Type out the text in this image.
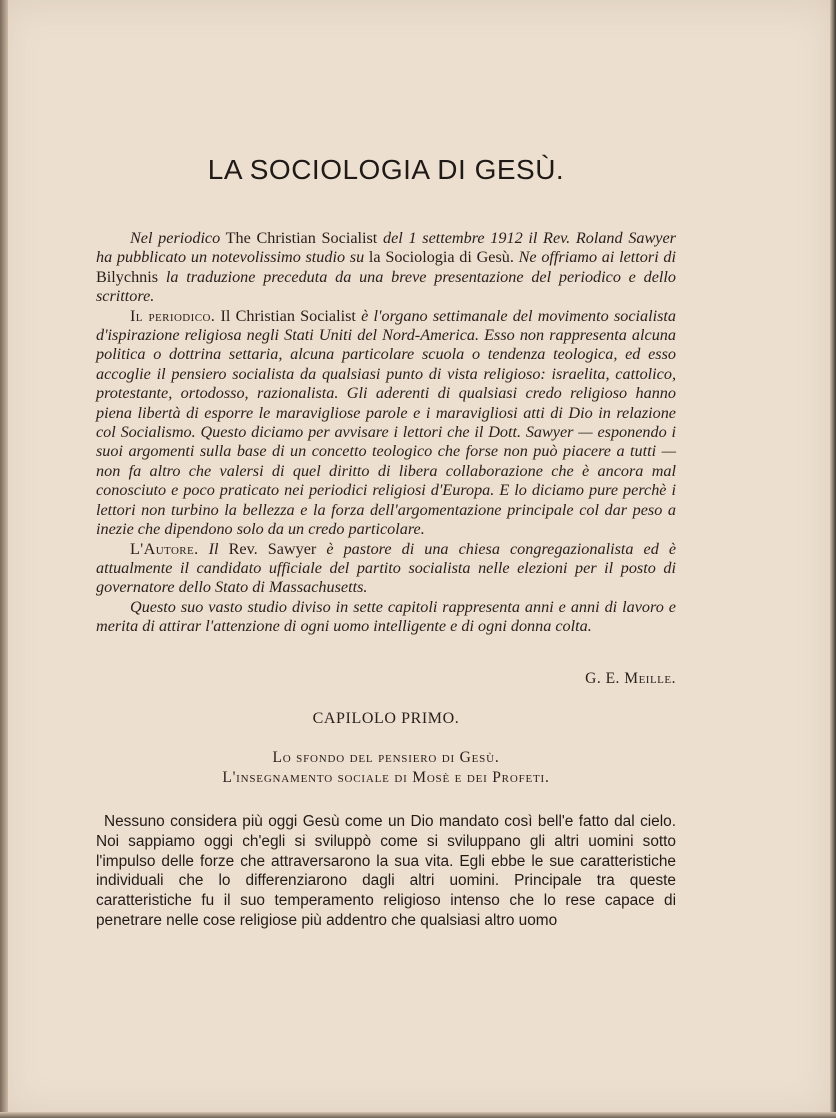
LA SOCIOLOGIA DI GESÙ.

Nel periodico The Christian Socialist del 1 settembre 1912 il Rev. Roland Sawyer ha pubblicato un notevolissimo studio su la Sociologia di Gesù. Ne offriamo ai lettori di Bilychnis la traduzione preceduta da una breve presentazione del periodico e dello scrittore.

Il periodico. Il Christian Socialist è l'organo settimanale del movimento socialista d'ispirazione religiosa negli Stati Uniti del Nord-America. Esso non rappresenta alcuna politica o dottrina settaria, alcuna particolare scuola o tendenza teologica, ed esso accoglie il pensiero socialista da qualsiasi punto di vista religioso: israelita, cattolico, protestante, ortodosso, razionalista. Gli aderenti di qualsiasi credo religioso hanno piena libertà di esporre le maravigliose parole e i maravigliosi atti di Dio in relazione col Socialismo. Questo diciamo per avvisare i lettori che il Dott. Sawyer — esponendo i suoi argomenti sulla base di un concetto teologico che forse non può piacere a tutti — non fa altro che valersi di quel diritto di libera collaborazione che è ancora mal conosciuto e poco praticato nei periodici religiosi d'Europa. E lo diciamo pure perchè i lettori non turbino la bellezza e la forza dell'argomentazione principale col dar peso a inezie che dipendono solo da un credo particolare.

L'Autore. Il Rev. Sawyer è pastore di una chiesa congregazionalista ed è attualmente il candidato ufficiale del partito socialista nelle elezioni per il posto di governatore dello Stato di Massachusetts.

Questo suo vasto studio diviso in sette capitoli rappresenta anni e anni di lavoro e merita di attirar l'attenzione di ogni uomo intelligente e di ogni donna colta.

G. E. Meille.
CAPILOLO PRIMO.
Lo sfondo del pensiero di Gesù.
L'insegnamento sociale di Mosè e dei Profeti.

Nessuno considera più oggi Gesù come un Dio mandato così bell'e fatto dal cielo. Noi sappiamo oggi ch'egli si sviluppò come si sviluppano gli altri uomini sotto l'impulso delle forze che attraversarono la sua vita. Egli ebbe le sue caratteristiche individuali che lo differenziarono dagli altri uomini. Principale tra queste caratteristiche fu il suo temperamento religioso intenso che lo rese capace di penetrare nelle cose religiose più addentro che qualsiasi altro uomo
